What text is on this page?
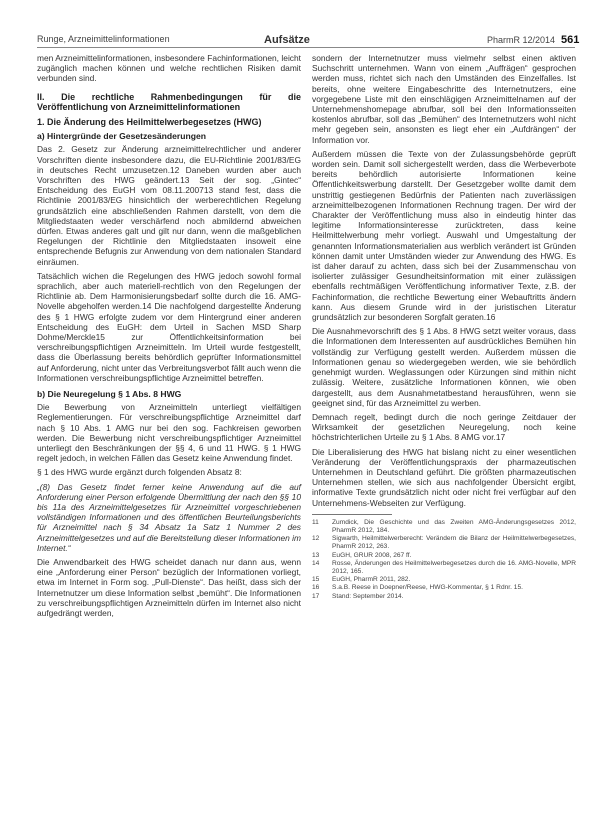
Runge, Arzneimittelinformationen	Aufsätze	PharmR 12/2014 561

men Arzneimittelinformationen, insbesondere Fachinformationen, leicht zugänglich machen können und welche rechtlichen Risiken damit verbunden sind.

II. Die rechtliche Rahmenbedingungen für die Veröffentlichung von Arzneimittelinformationen
1. Die Änderung des Heilmittelwerbegesetzes (HWG)
a) Hintergründe der Gesetzesänderungen

Das 2. Gesetz zur Änderung arzneimittelrechtlicher und anderer Vorschriften diente insbesondere dazu, die EU-Richtlinie 2001/83/EG in deutsches Recht umzusetzen.12 Daneben wurden aber auch Vorschriften des HWG geändert.13 Seit der sog. „Gintec“ Entscheidung des EuGH vom 08.11.200713 stand fest, dass die Richtlinie 2001/83/EG hinsichtlich der werberechtlichen Regelung grundsätzlich eine abschließenden Rahmen darstellt, von dem die Mitgliedstaaten weder verschärfend noch abmildernd abweichen dürfen. Etwas anderes galt und gilt nur dann, wenn die maßgeblichen Regelungen der Richtlinie den Mitgliedstaaten insoweit eine entsprechende Befugnis zur Anwendung von dem nationalen Standard einräumen.

Tatsächlich wichen die Regelungen des HWG jedoch sowohl formal sprachlich, aber auch materiell-rechtlich von den Regelungen der Richtlinie ab. Dem Harmonisierungsbedarf sollte durch die 16. AMG-Novelle abgeholfen werden.14 Die nachfolgend dargestellte Änderung des § 1 HWG erfolgte zudem vor dem Hintergrund einer anderen Entscheidung des EuGH: dem Urteil in Sachen MSD Sharp Dohme/Merckle15 zur Öffentlichkeitsinformation bei verschreibungspflichtigen Arzneimitteln. Im Urteil wurde festgestellt, dass die Überlassung bereits behördlich geprüfter Informationsmittel auf Anforderung, nicht unter das Verbreitungsverbot fällt auch wenn die Informationen verschreibungspflichtige Arzneimittel betreffen.

b) Die Neuregelung § 1 Abs. 8 HWG

Die Bewerbung von Arzneimitteln unterliegt vielfältigen Reglementierungen. Für verschreibungspflichtige Arzneimittel darf nach § 10 Abs. 1 AMG nur bei den sog. Fachkreisen geworben werden. Die Bewerbung nicht verschreibungspflichtiger Arzneimittel unterliegt den Beschränkungen der §§ 4, 6 und 11 HWG. § 1 HWG regelt jedoch, in welchen Fällen das Gesetz keine Anwendung findet.

§ 1 des HWG wurde ergänzt durch folgenden Absatz 8:

„(8) Das Gesetz findet ferner keine Anwendung auf die auf Anforderung einer Person erfolgende Übermittlung der nach den §§ 10 bis 11a des Arzneimittelgesetzes für Arzneimittel vorgeschriebenen vollständigen Informationen und des öffentlichen Beurteilungsberichts für Arzneimittel nach § 34 Absatz 1a Satz 1 Nummer 2 des Arzneimittelgesetzes und auf die Bereitstellung dieser Informationen im Internet.“

Die Anwendbarkeit des HWG scheidet danach nur dann aus, wenn eine „Anforderung einer Person“ bezüglich der Informationen vorliegt, etwa im Internet in Form sog. „Pull-Dienste“. Das heißt, dass sich der Internetnutzer um diese Information selbst „bemüht“. Die Informationen zu verschreibungspflichtigen Arzneimitteln dürfen im Internet also nicht aufgedrängt werden,

sondern der Internetnutzer muss vielmehr selbst einen aktiven Suchschritt unternehmen. Wann von einem „Auffrägen“ gesprochen werden muss, richtet sich nach den Umständen des Einzelfalles. Ist bereits, ohne weitere Eingabeschritte des Internetnutzers, eine vorgegebene Liste mit den einschlägigen Arzneimittelnamen auf der Unternehmenshomepage abrufbar, soll bei den Informationsseiten kostenlos abrufbar, soll das „Bemühen“ des Internetnutzers wohl nicht mehr gegeben sein, ansonsten es liegt eher ein „Aufdrängen“ der Information vor.

Außerdem müssen die Texte von der Zulassungsbehörde geprüft worden sein. Damit soll sichergestellt werden, dass die Werbeverbote bereits behördlich autorisierte Informationen keine Öffentlichkeitswerbung darstellt. Der Gesetzgeber wollte damit dem unstrittig gestiegenen Bedürfnis der Patienten nach zuverlässigen arzneimittelbezogenen Informationen Rechnung tragen. Der wird der Charakter der Veröffentlichung muss also in eindeutig hinter das legitime Informationsinteresse zurücktreten, dass keine Heilmittelwerbung mehr vorliegt. Auswahl und Umgestaltung der genannten Informationsmaterialien aus werblich verändert ist Gründen können damit unter Umständen wieder zur Anwendung des HWG. Es ist daher darauf zu achten, dass sich bei der Zusammenschau von isolierter zulässiger Gesundheitsinformation mit einer zulässigen ebenfalls rechtmäßigen Veröffentlichung informativer Texte, z.B. der Fachinformation, die rechtliche Bewertung einer Webauftritts ändern kann. Aus diesem Grunde wird in der juristischen Literatur grundsätzlich zur besonderen Sorgfalt geraten.16

Die Ausnahmevorschrift des § 1 Abs. 8 HWG setzt weiter voraus, dass die Informationen dem Interessenten auf ausdrückliches Bemühen hin vollständig zur Verfügung gestellt werden. Außerdem müssen die Informationen genau so wiedergegeben werden, wie sie behördlich genehmigt wurden. Weglassungen oder Kürzungen sind mithin nicht zulässig. Weitere, zusätzliche Informationen können, wie oben dargestellt, aus dem Ausnahmetatbestand herausführen, wenn sie geeignet sind, für das Arzneimittel zu werben.

Demnach regelt, bedingt durch die noch geringe Zeitdauer der Wirksamkeit der gesetzlichen Neuregelung, noch keine höchstrichterlichen Urteile zu § 1 Abs. 8 AMG vor.17

Die Liberalisierung des HWG hat bislang nicht zu einer wesentlichen Veränderung der Veröffentlichungspraxis der pharmazeutischen Unternehmen in Deutschland geführt. Die größten pharmazeutischen Unternehmen stellen, wie sich aus nachfolgender Übersicht ergibt, informative Texte grundsätzlich nicht oder nicht frei verfügbar auf den Unternehmens-Webseiten zur Verfügung.

11	Zumdick, Die Geschichte und das Zweiten AMG-Änderungsgesetzes 2012, PharmR 2012, 184.
12	Sigwarth, Heilmittelwerberecht: Verändern die Bilanz der Heilmittelwerbegesetzes, PharmR 2012, 263.
13	EuGH, GRUR 2008, 267 ff.
14	Rosse, Änderungen des Heilmittelwerbegesetzes durch die 16. AMG-Novelle, MPR 2012, 165.
15	EuGH, PharmR 2011, 282.
16	S.a.B. Reese in Doepner/Reese, HWG-Kommentar, § 1 Rdnr. 15.
17	Stand: September 2014.
